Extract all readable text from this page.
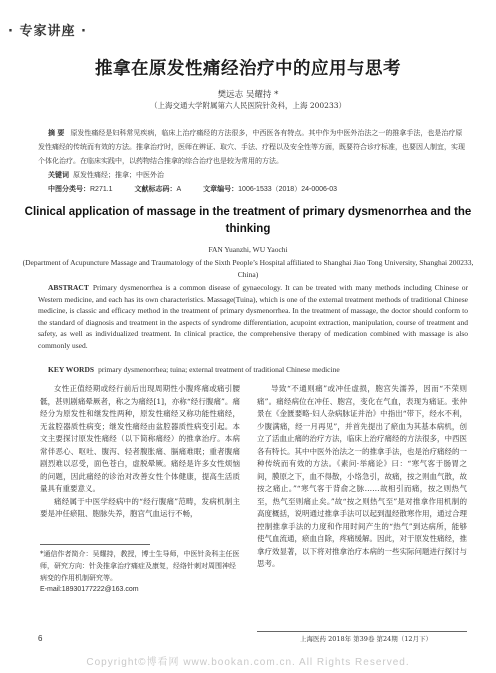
· 专家讲座 ·
推拿在原发性痛经治疗中的应用与思考
樊远志 吴耀持 *
（上海交通大学附属第六人民医院针灸科，上海 200233）
摘 要 原发性痛经是妇科常见疾病，临床上治疗痛经的方法很多，中西医各有特点。其中作为中医外治法之一的推拿手法，也是治疗原发性痛经的传统而有效的方法。推拿治疗时，医师在辨证、取穴、手法、疗程以及安全性等方面，既要符合诊疗标准，也要因人制宜，实现个体化治疗。在临床实践中，以药物结合推拿的综合治疗也是较为常用的方法。
关键词 原发性痛经；推拿；中医外治
中图分类号：R271.1	文献标志码：A	文章编号：1006-1533（2018）24-0006-03
Clinical application of massage in the treatment of primary dysmenorrhea and the thinking
FAN Yuanzhi, WU Yaochi
(Department of Acupuncture Massage and Traumatology of the Sixth People’s Hospital affiliated to Shanghai Jiao Tong University, Shanghai 200233, China)
ABSTRACT Primary dysmenorrhea is a common disease of gynaecology. It can be treated with many methods including Chinese or Western medicine, and each has its own characteristics. Massage(Tuina), which is one of the external treatment methods of traditional Chinese medicine, is classic and efficacy method in the treatment of primary dysmenorrhea. In the treatment of massage, the doctor should conform to the standard of diagnosis and treatment in the aspects of syndrome differentiation, acupoint extraction, manipulation, course of treatment and safety, as well as individualized treatment. In clinical practice, the comprehensive therapy of medication combined with massage is also commonly used.
KEY WORDS primary dysmenorrhea; tuina; external treatment of traditional Chinese medicine

女性正值经期或经行前后出现周期性小腹疼痛或痛引腰骶，甚则剧痛晕厥者，称之为痛经[1]，亦称“经行腹痛”。痛经分为原发性和继发性两种，原发性痛经又称功能性痛经，无盆腔器质性病变；继发性痛经由盆腔器质性病变引起。本文主要探讨原发性痛经（以下简称痛经）的推拿治疗。本病常伴恶心、呕吐、腹泻、轻者腹胀痛、膈痛难眠；重者腹痛剧烈难以忍受，面色苍白，虚脱晕厥。痛经是许多女性烦恼的问题，因此痛经的诊治对改善女性个体健康，提高生活质量具有重要意义。

痛经属于中医学经病中的“经行腹痛”范畴，发病机制主要是冲任瘀阻、胞脉失养，胞宫气血运行不畅，

导致“不通则痛”或冲任虚损，胞宫失濡养，因而“不荣则痛”。痛经病位在冲任、胞宫，变化在气血，表现为痛证。张仲景在《金匮要略·妇人杂病脉证并治》中指出“带下，经水不利，少腹满痛，经一月再见”，并首先提出了瘀血为其基本病机，创立了活血止痛的治疗方法，临床上治疗痛经的方法很多，中西医各有特长。其中中医外治法之一的推拿手法，也是治疗痛经的一种传统而有效的方法。《素问·举痛论》曰：“寒气客于肠胃之间，膜原之下，血不得散，小络急引，故痛，按之则血气散，故按之痛止。”“寒气客于背俞之脉……故相引而痛，按之则热气至，热气至则痛止矣。”故“按之则热气至”是对推拿作用机制的高度概括，说明通过推拿手法可以起到温经散寒作用，通过合理控制推拿手法的力度和作用时间产生的“热气”到达病所，能够使气血流通，瘀血自除，疼痛缓解。因此，对于原发性痛经，推拿疗效显著，以下将对推拿治疗本病的一些实际问题进行探讨与思考。

*通信作者简介：吴耀持，教授，博士生导师，中医针灸科主任医师，研究方向：针灸推拿治疗痛症及康复，经络针刺对周围神经病变的作用机制研究等。
E-mail:18930177222@163.com
6	上海医药 2018年 第39卷 第24期（12月下）
Copyright©博看网 www.bookan.com.cn. All Rights Reserved.
